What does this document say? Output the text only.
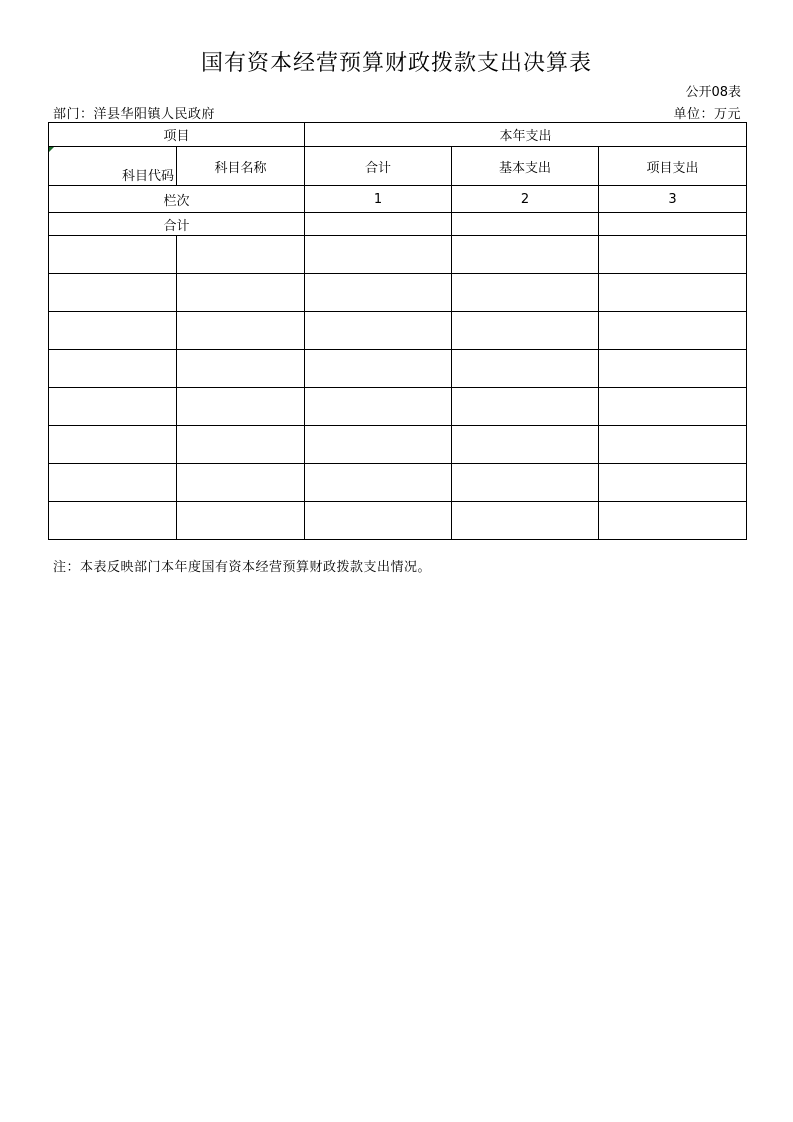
国有资本经营预算财政拨款支出决算表
公开08表
部门：洋县华阳镇人民政府	单位：万元
项目		本年支出		

科目代码	科目名称	合计	基本支出	项目支出
栏次		1	2	3
合计				

注：本表反映部门本年度国有资本经营预算财政拨款支出情况。
